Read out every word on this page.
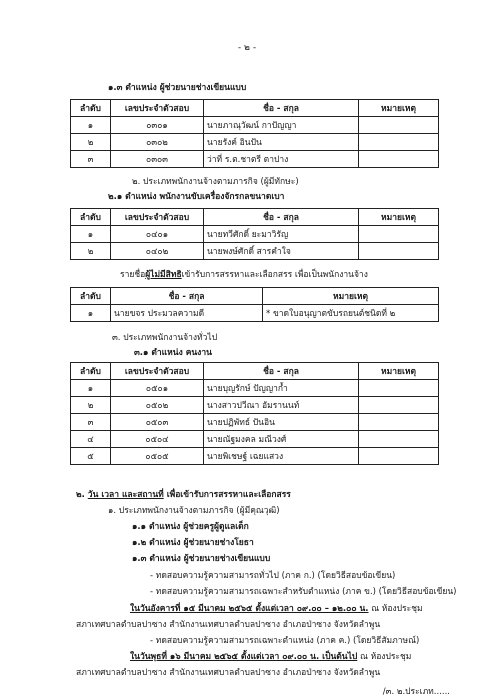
- ๒ -
๑.๓ ตำแหน่ง ผู้ช่วยนายช่างเขียนแบบ
ลำดับ	เลขประจำตัวสอบ	ชื่อ - สกุล	หมายเหตุ
๑	๐๓๐๑	นายภาณุวัฒน์ กาปัญญา	
๒	๐๓๐๒	นายรังค์ อินปัน	
๓	๐๓๐๓	ว่าที่ ร.ต.ชาตรี ตาปาง	
๒. ประเภทพนักงานจ้างตามภารกิจ (ผู้มีทักษะ)
๒.๑ ตำแหน่ง พนักงานขับเครื่องจักรกลขนาดเบา
ลำดับ	เลขประจำตัวสอบ	ชื่อ - สกุล	หมายเหตุ
๑	๐๔๐๑	นายทวีศักดิ์ ยะมาวิรัญ	
๒	๐๔๐๒	นายพงษ์ศักดิ์ สารคำใจ	
รายชื่อผู้ไม่มีสิทธิเข้ารับการสรรหาและเลือกสรร เพื่อเป็นพนักงานจ้าง
ลำดับ	ชื่อ - สกุล	หมายเหตุ
๑	นายขจร ประมวลความดี	* ขาดใบอนุญาตขับรถยนต์ชนิดที่ ๒
๓. ประเภทพนักงานจ้างทั่วไป
๓.๑ ตำแหน่ง คนงาน
ลำดับ	เลขประจำตัวสอบ	ชื่อ - สกุล	หมายเหตุ
๑	๐๕๐๑	นายบุญรักษ์ ปัญญาก้ำ	
๒	๐๕๐๒	นางสาวปวีณา อัมรานนท์	
๓	๐๕๐๓	นายปฏิพัทธ์ ปันอิน	
๔	๐๕๐๔	นายณัฐมงคล มณีวงศ์	
๕	๐๕๐๕	นายพิเชษฐ์ เฉยแสวง	
๒. วัน เวลา และสถานที่ เพื่อเข้ารับการสรรหาและเลือกสรร
๑. ประเภทพนักงานจ้างตามภารกิจ (ผู้มีคุณวุฒิ)
๑.๑ ตำแหน่ง ผู้ช่วยครูผู้ดูแลเด็ก
๑.๒ ตำแหน่ง ผู้ช่วยนายช่างโยธา
๑.๓ ตำแหน่ง ผู้ช่วยนายช่างเขียนแบบ
- ทดสอบความรู้ความสามารถทั่วไป (ภาค ก.) (โดยวิธีสอบข้อเขียน)
- ทดสอบความรู้ความสามารถเฉพาะสำหรับตำแหน่ง (ภาค ข.) (โดยวิธีสอบข้อเขียน)
ในวันอังคารที่ ๑๕ มีนาคม ๒๕๖๕ ตั้งแต่เวลา ๐๙.๐๐ – ๑๒.๐๐ น. ณ ห้องประชุม
สภาเทศบาลตำบลปาซาง สำนักงานเทศบาลตำบลปาซาง อำเภอป่าซาง จังหวัดลำพูน
- ทดสอบความรู้ความสามารถเฉพาะตำแหน่ง (ภาค ค.) (โดยวิธีสัมภาษณ์)
ในวันพุธที่ ๑๖ มีนาคม ๒๕๖๕ ตั้งแต่เวลา ๐๙.๐๐ น. เป็นต้นไป ณ ห้องประชุม
สภาเทศบาลตำบลปาซาง สำนักงานเทศบาลตำบลปาซาง อำเภอป่าซาง จังหวัดลำพูน
/๓. ๒.ประเภท......
